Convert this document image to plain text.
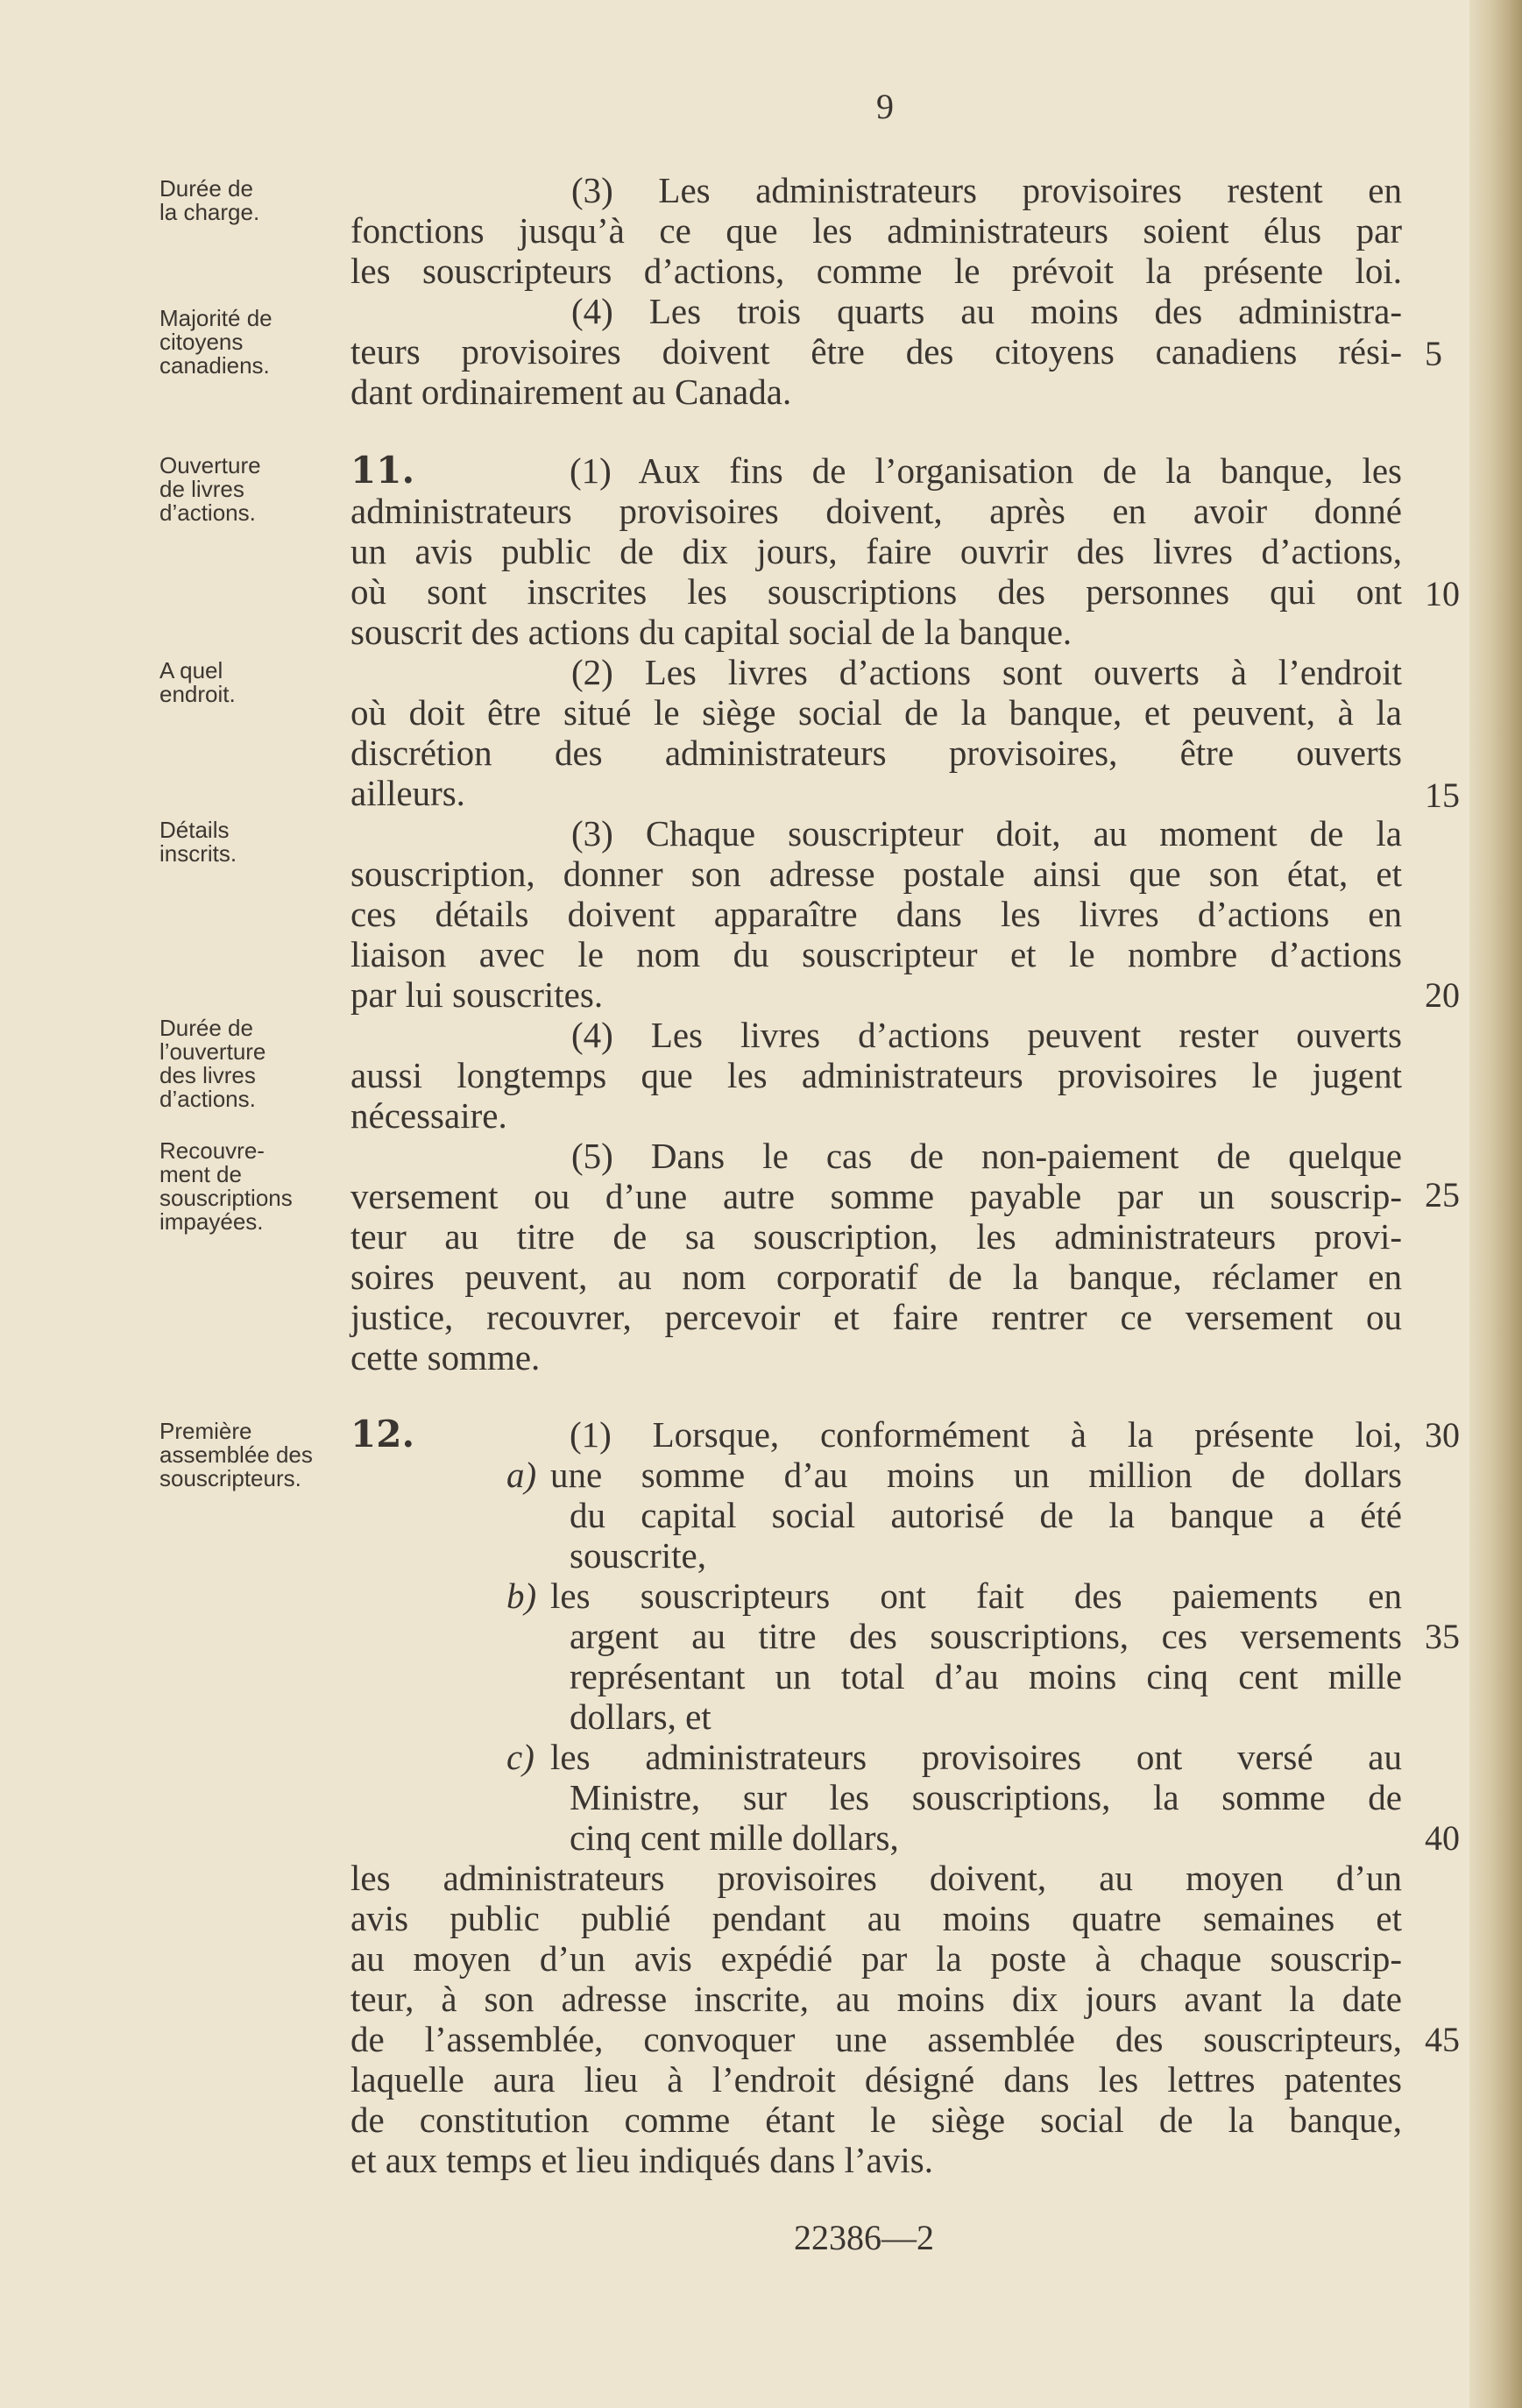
9
Durée de
la charge.
Majorité de
citoyens
canadiens.
Ouverture
de livres
d’actions.
A quel
endroit.
Détails
inscrits.
Durée de
l’ouverture
des livres
d’actions.
Recouvre-
ment de
souscriptions
impayées.
Première
assemblée des
souscripteurs.
5
10
15
20
25
30
35
40
45
(3) Les administrateurs provisoires restent en
fonctions jusqu’à ce que les administrateurs soient élus par
les souscripteurs d’actions, comme le prévoit la présente loi.
(4) Les trois quarts au moins des administra-
teurs provisoires doivent être des citoyens canadiens rési-
dant ordinairement au Canada.
11.	(1) Aux fins de l’organisation de la banque, les
administrateurs provisoires doivent, après en avoir donné
un avis public de dix jours, faire ouvrir des livres d’actions,
où sont inscrites les souscriptions des personnes qui ont
souscrit des actions du capital social de la banque.
(2) Les livres d’actions sont ouverts à l’endroit
où doit être situé le siège social de la banque, et peuvent, à la
discrétion des administrateurs provisoires, être ouverts
ailleurs.
(3) Chaque souscripteur doit, au moment de la
souscription, donner son adresse postale ainsi que son état, et
ces détails doivent apparaître dans les livres d’actions en
liaison avec le nom du souscripteur et le nombre d’actions
par lui souscrites.
(4) Les livres d’actions peuvent rester ouverts
aussi longtemps que les administrateurs provisoires le jugent
nécessaire.
(5) Dans le cas de non-paiement de quelque
versement ou d’une autre somme payable par un souscrip-
teur au titre de sa souscription, les administrateurs provi-
soires peuvent, au nom corporatif de la banque, réclamer en
justice, recouvrer, percevoir et faire rentrer ce versement ou
cette somme.
12.	(1) Lorsque, conformément à la présente loi,
a) une somme d’au moins un million de dollars
du capital social autorisé de la banque a été
souscrite,
b) les souscripteurs ont fait des paiements en
argent au titre des souscriptions, ces versements
représentant un total d’au moins cinq cent mille
dollars, et
c) les administrateurs provisoires ont versé au
Ministre, sur les souscriptions, la somme de
cinq cent mille dollars,
les administrateurs provisoires doivent, au moyen d’un
avis public publié pendant au moins quatre semaines et
au moyen d’un avis expédié par la poste à chaque souscrip-
teur, à son adresse inscrite, au moins dix jours avant la date
de l’assemblée, convoquer une assemblée des souscripteurs,
laquelle aura lieu à l’endroit désigné dans les lettres patentes
de constitution comme étant le siège social de la banque,
et aux temps et lieu indiqués dans l’avis.
22386—2
